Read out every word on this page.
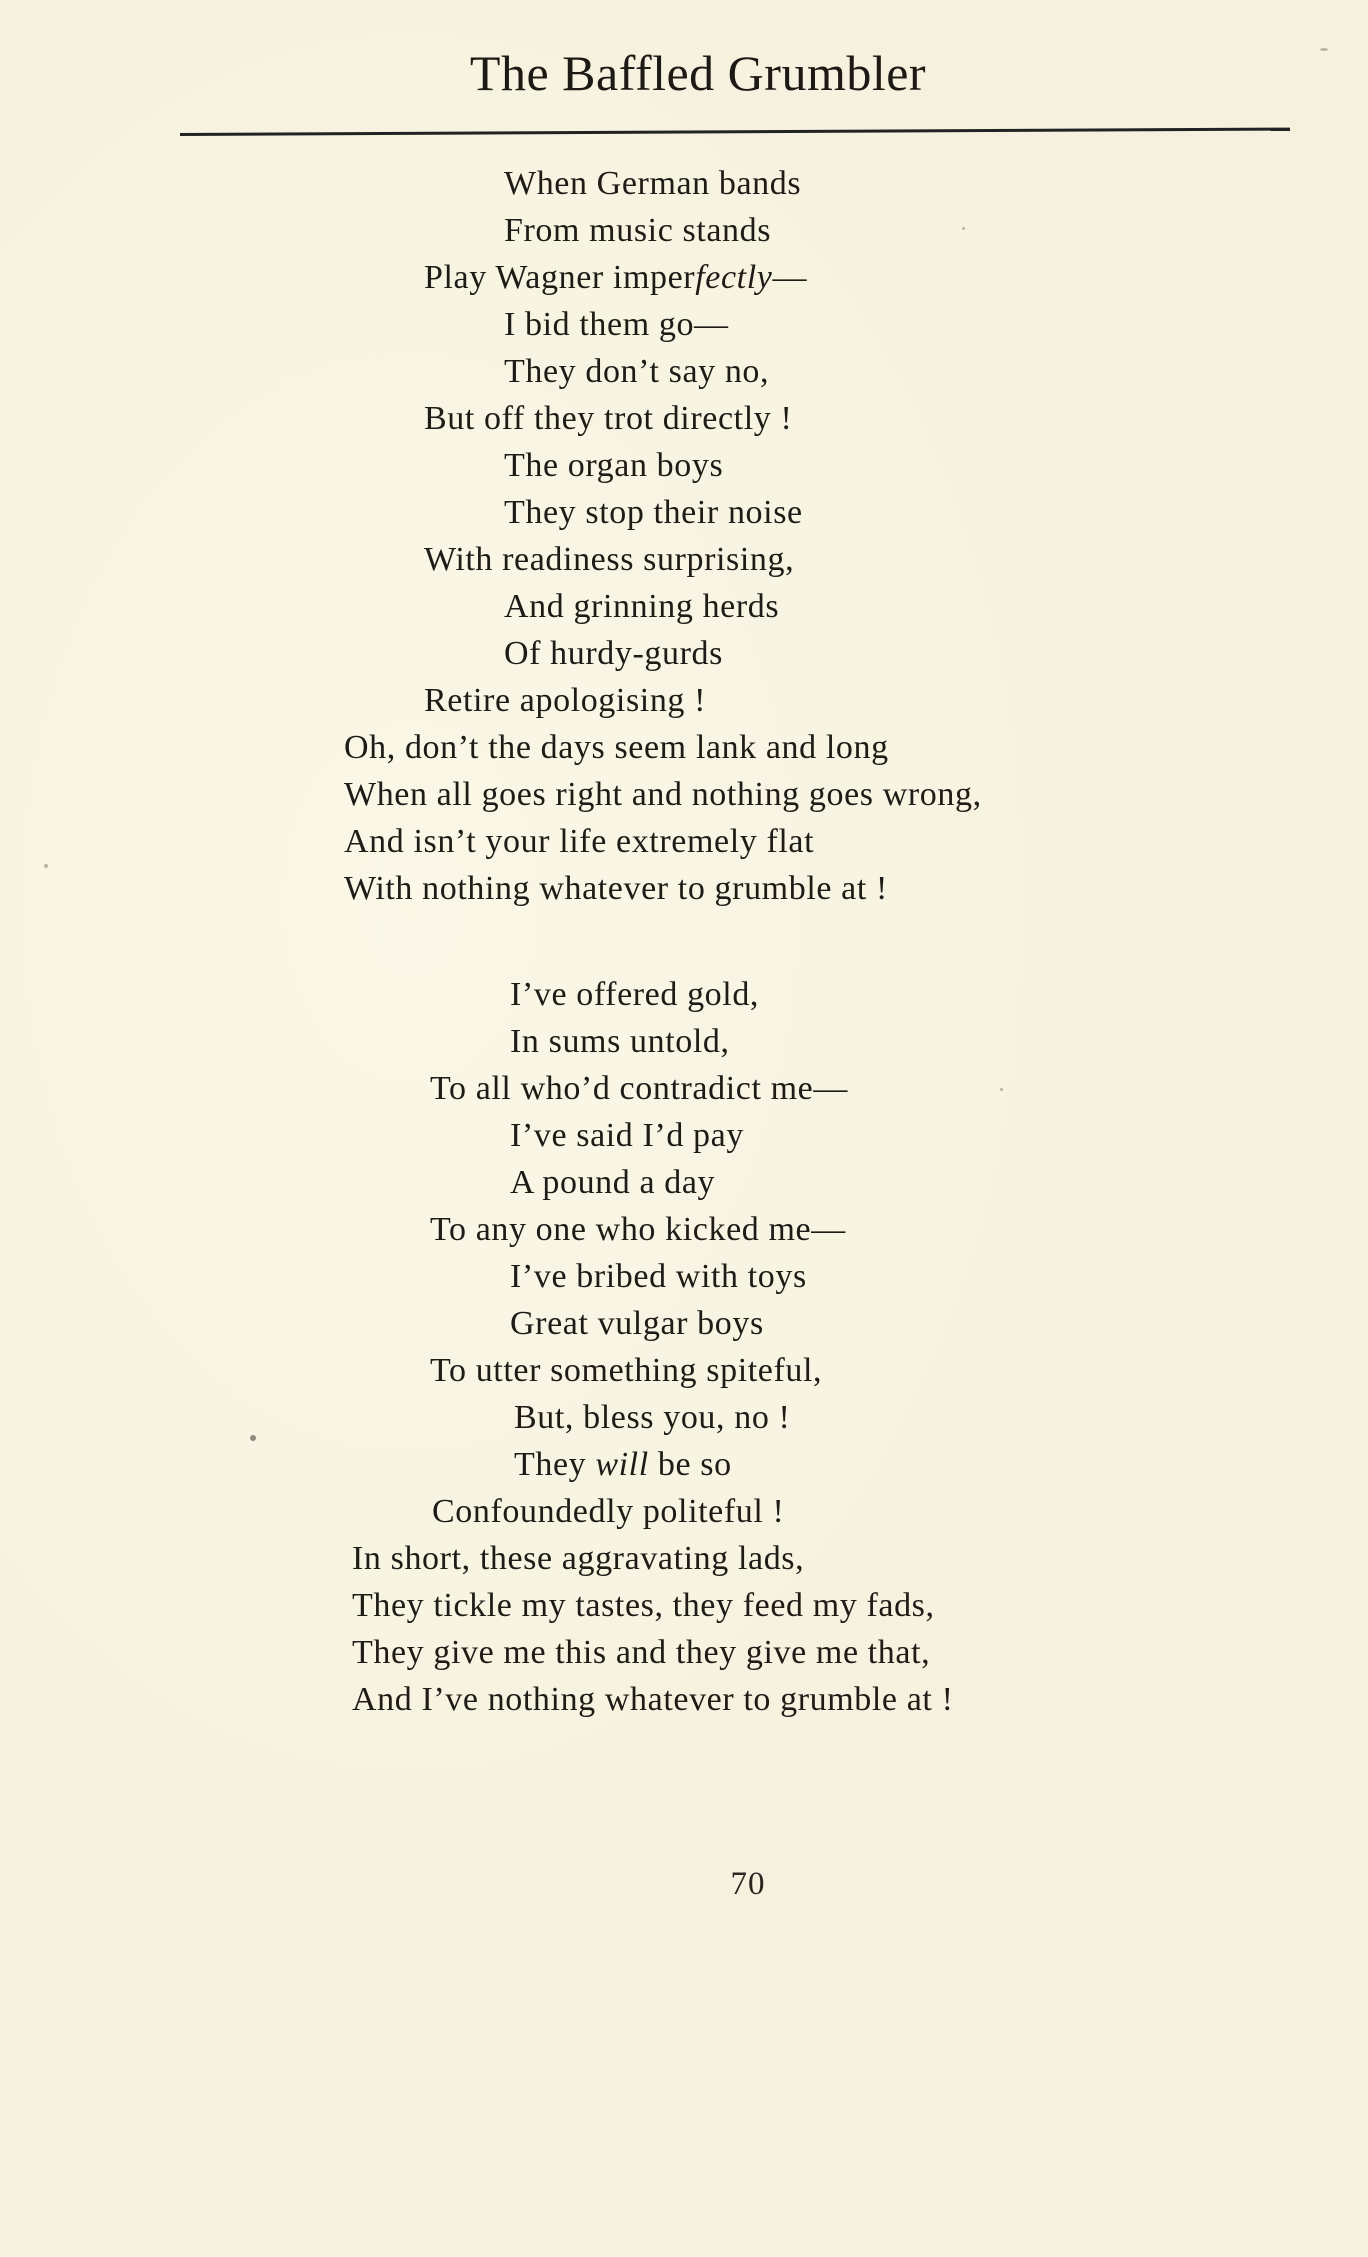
The Baffled Grumbler
When German bands
From music stands
Play Wagner imperfectly—
I bid them go—
They don’t say no,
But off they trot directly !
The organ boys
They stop their noise
With readiness surprising,
And grinning herds
Of hurdy-gurds
Retire apologising !
Oh, don’t the days seem lank and long
When all goes right and nothing goes wrong,
And isn’t your life extremely flat
With nothing whatever to grumble at !
I’ve offered gold,
In sums untold,
To all who’d contradict me—
I’ve said I’d pay
A pound a day
To any one who kicked me—
I’ve bribed with toys
Great vulgar boys
To utter something spiteful,
But, bless you, no !
They will be so
Confoundedly politeful !
In short, these aggravating lads,
They tickle my tastes, they feed my fads,
They give me this and they give me that,
And I’ve nothing whatever to grumble at !
70
